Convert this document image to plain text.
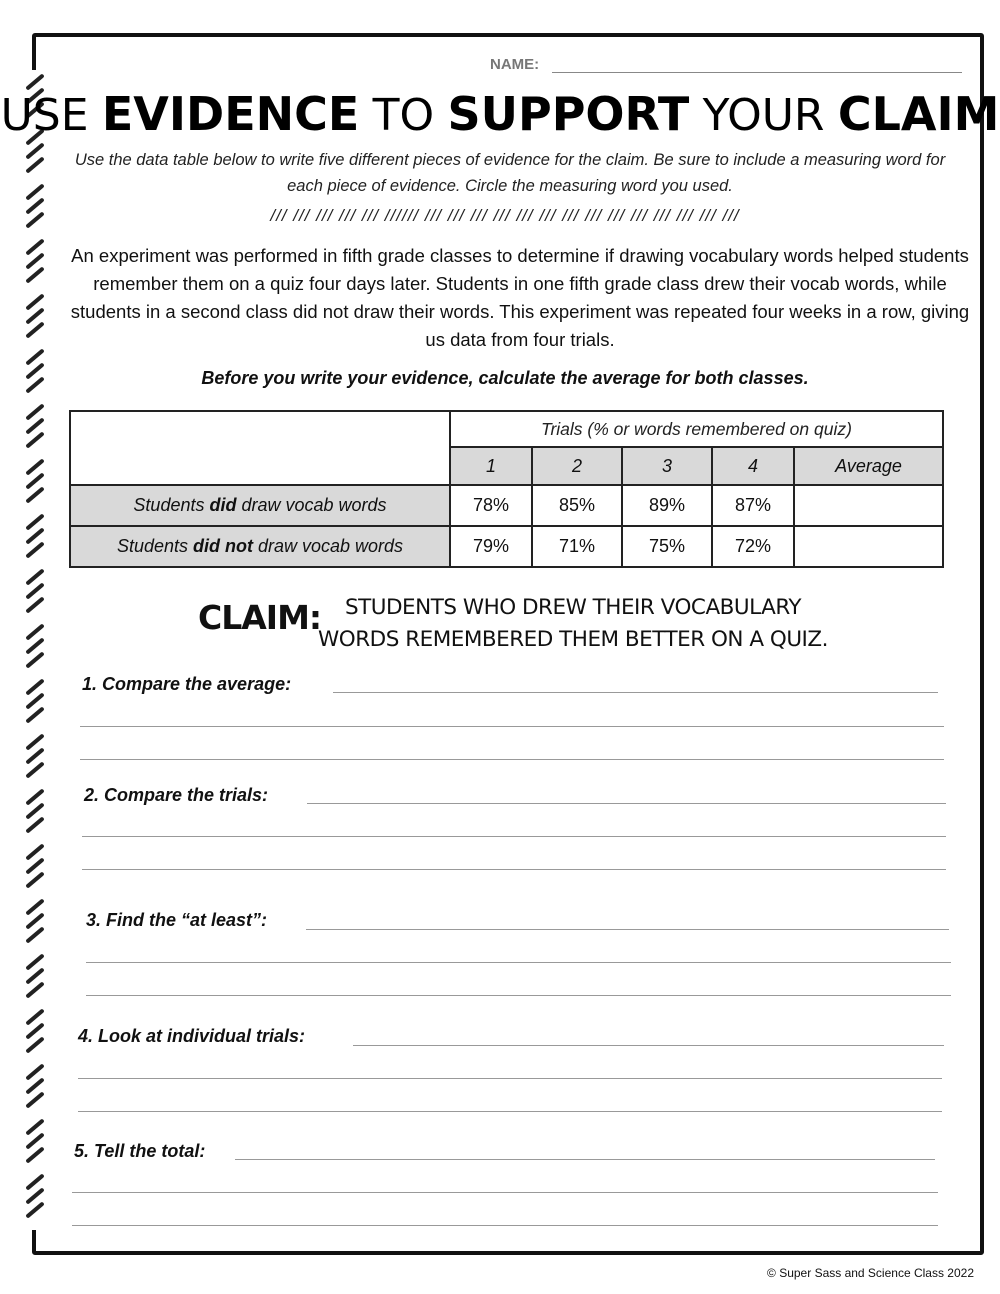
NAME:
USE EVIDENCE TO SUPPORT YOUR CLAIM
Use the data table below to write five different pieces of evidence for the claim. Be sure to include a measuring word for each piece of evidence. Circle the measuring word you used.
/// /// /// /// /// ////// /// /// /// /// /// /// /// /// /// /// /// /// /// ///
An experiment was performed in fifth grade classes to determine if drawing vocabulary words helped students remember them on a quiz four days later. Students in one fifth grade class drew their vocab words, while students in a second class did not draw their words. This experiment was repeated four weeks in a row, giving us data from four trials.
Before you write your evidence, calculate the average for both classes.
	Trials (% or words remembered on quiz)				
	1	2	3	4	Average
Students did draw vocab words	78%	85%	89%	87%	
Students did not draw vocab words	79%	71%	75%	72%	
CLAIM:	STUDENTS WHO DREW THEIR VOCABULARY
WORDS REMEMBERED THEM BETTER ON A QUIZ.
1. Compare the average:
2. Compare the trials:
3. Find the “at least”:
4. Look at individual trials:
5. Tell the total:
© Super Sass and Science Class 2022
